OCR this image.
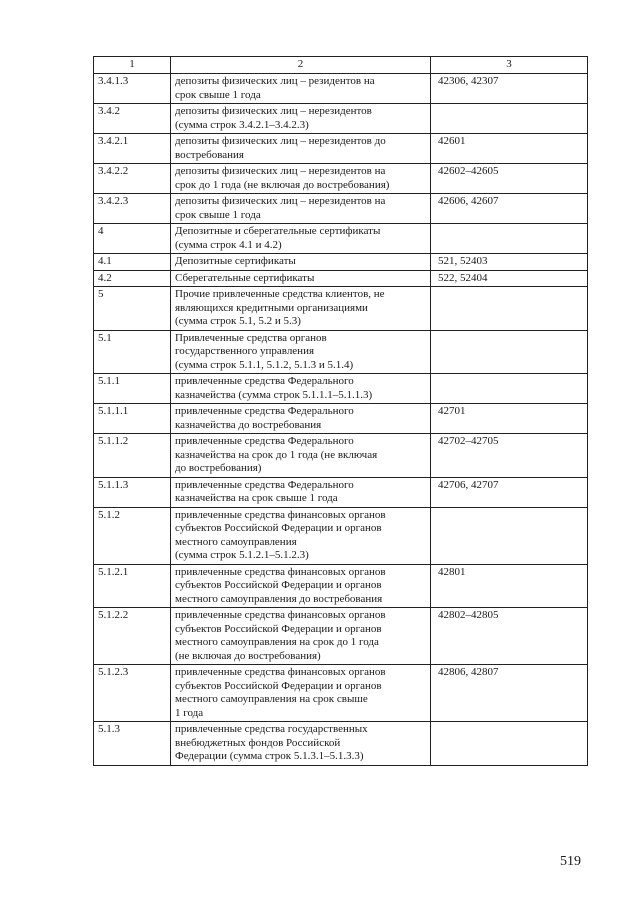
1	2	3
3.4.1.3	депозиты физических лиц – резидентов на
срок свыше 1 года	42306, 42307
3.4.2	депозиты физических лиц – нерезидентов
(сумма строк 3.4.2.1–3.4.2.3)	
3.4.2.1	депозиты физических лиц – нерезидентов до
востребования	42601
3.4.2.2	депозиты физических лиц – нерезидентов на
срок до 1 года (не включая до востребования)	42602–42605
3.4.2.3	депозиты физических лиц – нерезидентов на
срок свыше 1 года	42606, 42607
4	Депозитные и сберегательные сертификаты
(сумма строк 4.1 и 4.2)	
4.1	Депозитные сертификаты	521, 52403
4.2	Сберегательные сертификаты	522, 52404
5	Прочие привлеченные средства клиентов, не
являющихся кредитными организациями
(сумма строк 5.1, 5.2 и 5.3)	
5.1	Привлеченные средства органов
государственного управления
(сумма строк 5.1.1, 5.1.2, 5.1.3 и 5.1.4)	
5.1.1	привлеченные средства Федерального
казначейства (сумма строк 5.1.1.1–5.1.1.3)	
5.1.1.1	привлеченные средства Федерального
казначейства до востребования	42701
5.1.1.2	привлеченные средства Федерального
казначейства на срок до 1 года (не включая
до востребования)	42702–42705
5.1.1.3	привлеченные средства Федерального
казначейства на срок свыше 1 года	42706, 42707
5.1.2	привлеченные средства финансовых органов
субъектов Российской Федерации и органов
местного самоуправления
(сумма строк 5.1.2.1–5.1.2.3)	
5.1.2.1	привлеченные средства финансовых органов
субъектов Российской Федерации и органов
местного самоуправления до востребования	42801
5.1.2.2	привлеченные средства финансовых органов
субъектов Российской Федерации и органов
местного самоуправления на срок до 1 года
(не включая до востребования)	42802–42805
5.1.2.3	привлеченные средства финансовых органов
субъектов Российской Федерации и органов
местного самоуправления на срок свыше
1 года	42806, 42807
5.1.3	привлеченные средства государственных
внебюджетных фондов Российской
Федерации (сумма строк 5.1.3.1–5.1.3.3)	
519
